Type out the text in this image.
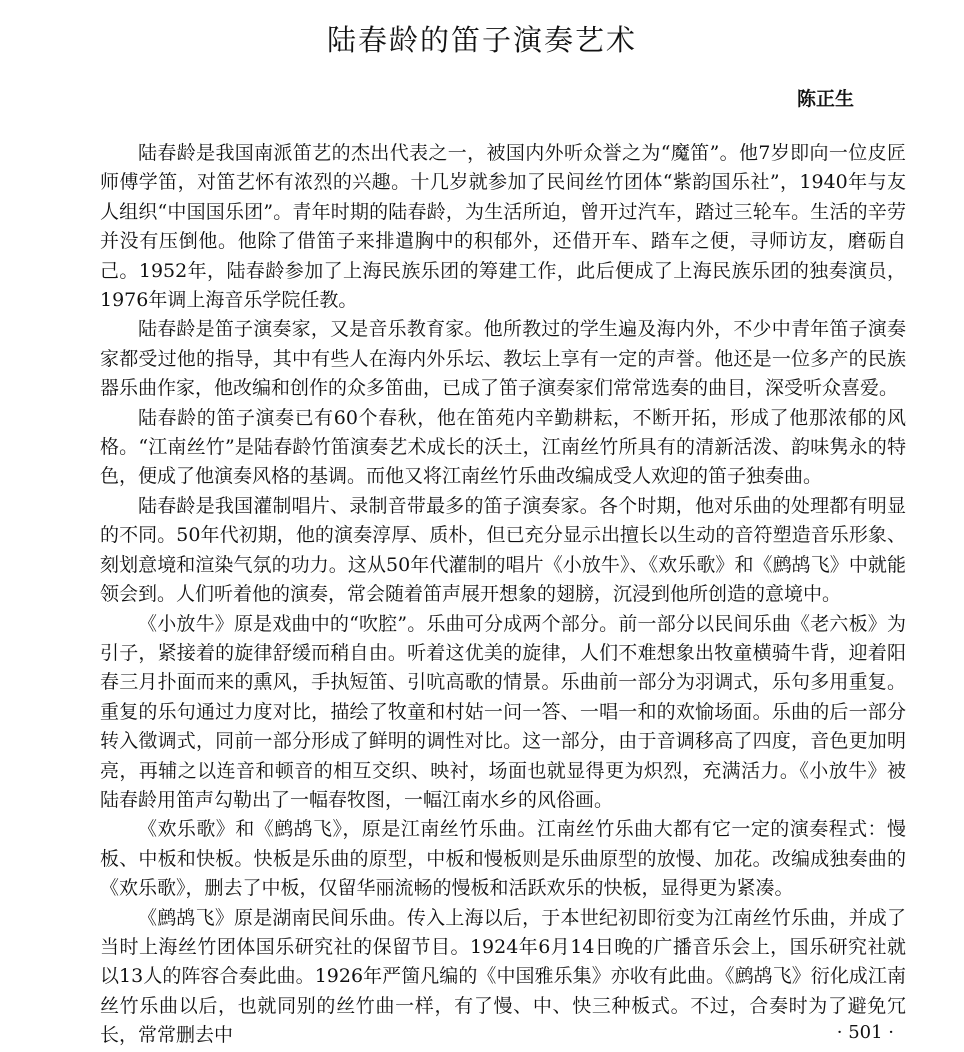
陆春龄的笛子演奏艺术
陈正生

陆春龄是我国南派笛艺的杰出代表之一，被国内外听众誉之为“魔笛”。他7岁即向一位皮匠师傅学笛，对笛艺怀有浓烈的兴趣。十几岁就参加了民间丝竹团体“紫韵国乐社”，1940年与友人组织“中国国乐团”。青年时期的陆春龄，为生活所迫，曾开过汽车，踏过三轮车。生活的辛劳并没有压倒他。他除了借笛子来排遣胸中的积郁外，还借开车、踏车之便，寻师访友，磨砺自己。1952年，陆春龄参加了上海民族乐团的筹建工作，此后便成了上海民族乐团的独奏演员，1976年调上海音乐学院任教。

陆春龄是笛子演奏家，又是音乐教育家。他所教过的学生遍及海内外，不少中青年笛子演奏家都受过他的指导，其中有些人在海内外乐坛、教坛上享有一定的声誉。他还是一位多产的民族器乐曲作家，他改编和创作的众多笛曲，已成了笛子演奏家们常常选奏的曲目，深受听众喜爱。

陆春龄的笛子演奏已有60个春秋，他在笛苑内辛勤耕耘，不断开拓，形成了他那浓郁的风格。“江南丝竹”是陆春龄竹笛演奏艺术成长的沃土，江南丝竹所具有的清新活泼、韵味隽永的特色，便成了他演奏风格的基调。而他又将江南丝竹乐曲改编成受人欢迎的笛子独奏曲。

陆春龄是我国灌制唱片、录制音带最多的笛子演奏家。各个时期，他对乐曲的处理都有明显的不同。50年代初期，他的演奏淳厚、质朴，但已充分显示出擅长以生动的音符塑造音乐形象、刻划意境和渲染气氛的功力。这从50年代灌制的唱片《小放牛》、《欢乐歌》和《鹧鸪飞》中就能领会到。人们听着他的演奏，常会随着笛声展开想象的翅膀，沉浸到他所创造的意境中。

《小放牛》原是戏曲中的“吹腔”。乐曲可分成两个部分。前一部分以民间乐曲《老六板》为引子，紧接着的旋律舒缓而稍自由。听着这优美的旋律，人们不难想象出牧童横骑牛背，迎着阳春三月扑面而来的熏风，手执短笛、引吭高歌的情景。乐曲前一部分为羽调式，乐句多用重复。重复的乐句通过力度对比，描绘了牧童和村姑一问一答、一唱一和的欢愉场面。乐曲的后一部分转入徵调式，同前一部分形成了鲜明的调性对比。这一部分，由于音调移高了四度，音色更加明亮，再辅之以连音和顿音的相互交织、映衬，场面也就显得更为炽烈，充满活力。《小放牛》被陆春龄用笛声勾勒出了一幅春牧图，一幅江南水乡的风俗画。

《欢乐歌》和《鹧鸪飞》，原是江南丝竹乐曲。江南丝竹乐曲大都有它一定的演奏程式：慢板、中板和快板。快板是乐曲的原型，中板和慢板则是乐曲原型的放慢、加花。改编成独奏曲的《欢乐歌》，删去了中板，仅留华丽流畅的慢板和活跃欢乐的快板，显得更为紧凑。

《鹧鸪飞》原是湖南民间乐曲。传入上海以后，于本世纪初即衍变为江南丝竹乐曲，并成了当时上海丝竹团体国乐研究社的保留节目。1924年6月14日晚的广播音乐会上，国乐研究社就以13人的阵容合奏此曲。1926年严箇凡编的《中国雅乐集》亦收有此曲。《鹧鸪飞》衍化成江南丝竹乐曲以后，也就同别的丝竹曲一样，有了慢、中、快三种板式。不过，合奏时为了避免冗长，常常删去中	· 501 ·
